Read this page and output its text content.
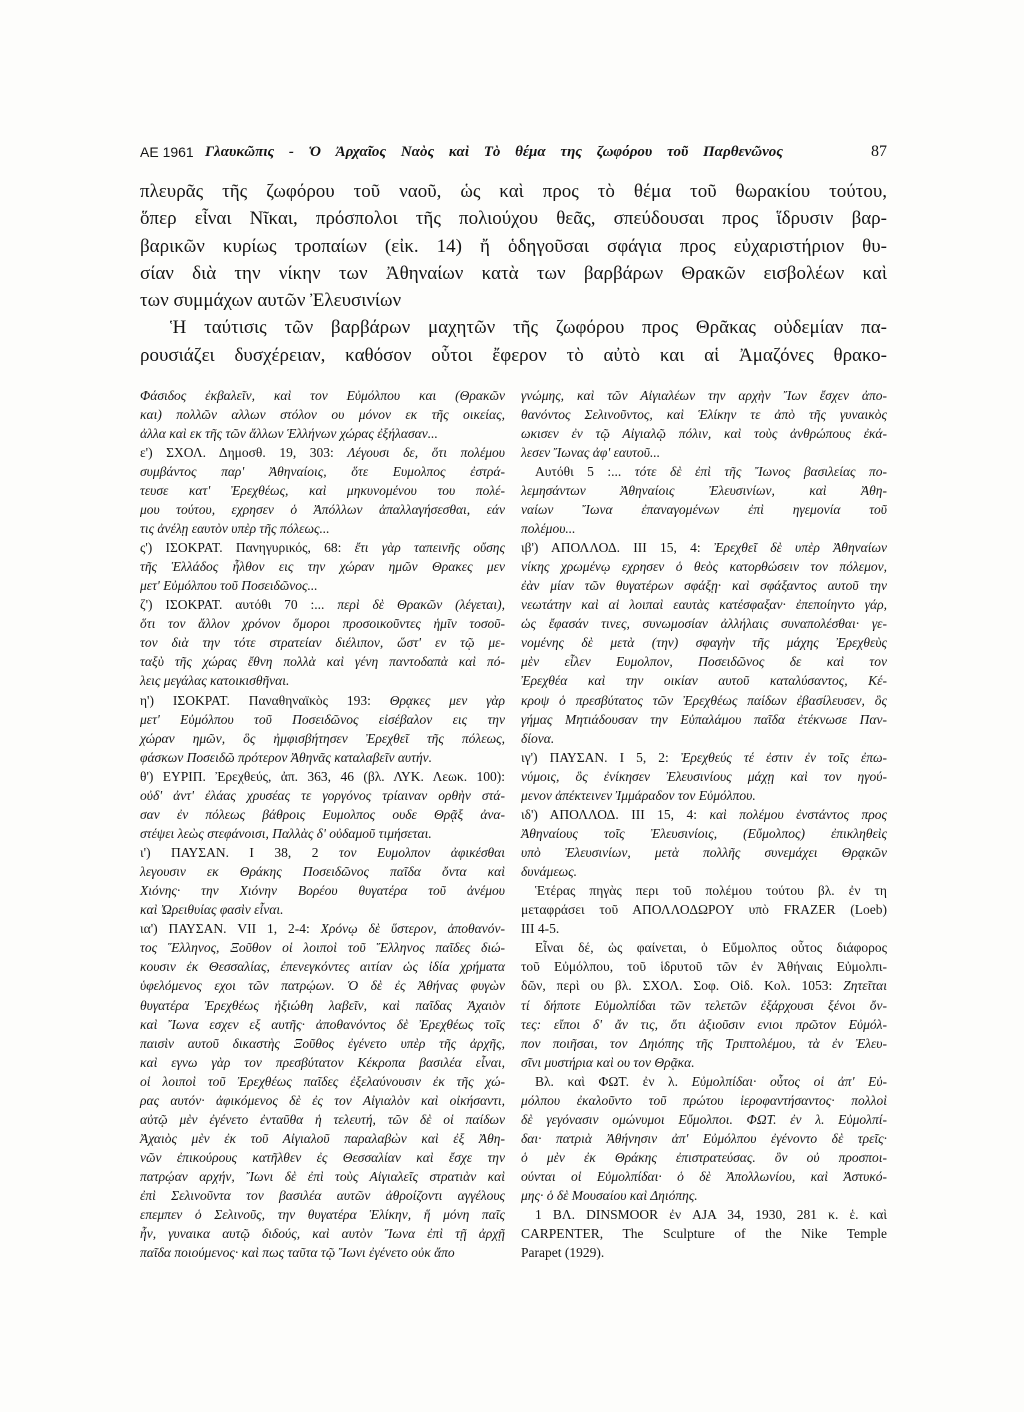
ΑΕ 1961 Γλαυκῶπις - Ὁ Ἀρχαῖος Ναὸς καὶ Τὸ θέμα της ζωφόρου τοῦ Παρθενῶνος	87
πλευρᾶς τῆς ζωφόρου τοῦ ναοῦ, ὡς καὶ προς τὸ θέμα τοῦ θωρακίου τούτου,
ὅπερ εἶναι Νῖκαι, πρόσπολοι τῆς πολιούχου θεᾶς, σπεύδουσαι προς ἵδρυσιν βαρ-
βαρικῶν κυρίως τροπαίων (εἰκ. 14) ἤ ὁδηγοῦσαι σφάγια προς εὐχαριστήριον θυ-
σίαν διὰ την νίκην των Ἀθηναίων κατὰ των βαρβάρων Θρακῶν εισβολέων καὶ
των συμμάχων αυτῶν Ἐλευσινίων
Ἡ ταύτισις τῶν βαρβάρων μαχητῶν τῆς ζωφόρου προς Θρᾶκας οὐδεμίαν πα-
ρουσιάζει δυσχέρειαν, καθόσον οὗτοι ἔφερον τὸ αὐτὸ και αἱ Ἀμαζόνες θρακο-
Φάσιδος ἐκβαλεῖν, καὶ τον Εὐμόλπου και (Θρακῶν
και) πολλῶν αλλων στόλον ου μόνον εκ τῆς οικείας,
ἀλλα καὶ εκ τῆς τῶν ἄλλων Ἑλλήνων χώρας ἐξήλασαν...
ε') ΣΧΟΛ. Δημοσθ. 19, 303: Λέγουσι δε, ὅτι πολέμου
συμβάντος παρ' Ἀθηναίοις, ὅτε Ευμολπος ἐστρά-
τευσε κατ' Ἐρεχθέως, καὶ μηκυνομένου του πολέ-
μου τούτου, εχρησεν ὁ Ἀπόλλων ἀπαλλαγήσεσθαι, εάν
τις ἀνέλῃ εαυτὸν υπὲρ τῆς πόλεως...
ς') ΙΣΟΚΡΑΤ. Πανηγυρικός, 68: ἔτι γὰρ ταπεινῆς οὔσης
τῆς Ἑλλάδος ἦλθον εις την χώραν ημῶν Θρακες μεν
μετ' Εὐμόλπου τοῦ Ποσειδῶνος...
ζ') ΙΣΟΚΡΑΤ. αυτόθι 70 :... περὶ δὲ Θρακῶν (λέγεται),
ὅτι τον ἄλλον χρόνον ὅμοροι προσοικοῦντες ἡμῖν τοσοῦ-
τον διὰ την τότε στρατείαν διέλιπον, ὥστ' εν τῷ με-
ταξὺ τῆς χώρας ἔθνη πολλὰ καὶ γένη παντοδαπὰ καὶ πό-
λεις μεγάλας κατοικισθῆναι.
η') ΙΣΟΚΡΑΤ. Παναθηναϊκὸς 193: Θρᾳκες μεν γὰρ
μετ' Εὐμόλπου τοῦ Ποσειδῶνος εἰσέβαλον εις την
χώραν ημῶν, ὃς ἠμφισβήτησεν Ἐρεχθεῖ τῆς πόλεως,
φάσκων Ποσειδῶ πρότερον Ἀθηνᾶς καταλαβεῖν αυτήν.
θ') ΕΥΡΙΠ. Ἐρεχθεύς, ἀπ. 363, 46 (βλ. ΛΥΚ. Λεωκ. 100):
οὐδ' ἀντ' ἐλάας χρυσέας τε γοργόνος τρίαιναν ορθὴν στά-
σαν ἐν πόλεως βάθροις Ευμολπος ουδε Θρᾷξ ἀνα-
στέψει λεὼς στεφάνοισι, Παλλὰς δ' οὐδαμοῦ τιμήσεται.
ι') ΠΑΥΣΑΝ. Ι 38, 2 τον Ευμολπον ἀφικέσθαι
λεγουσιν εκ Θράκης Ποσειδῶνος παῖδα ὄντα καὶ
Χιόνης· την Χιόνην Βορέου θυγατέρα τοῦ ἀνέμου
καὶ Ὠρειθυίας φασὶν εἶναι.
ια') ΠΑΥΣΑΝ. VII 1, 2-4: Χρόνῳ δὲ ὕστερον, ἀποθανόν-
τος Ἕλληνος, Ξοῦθον οἱ λοιποὶ τοῦ Ἕλληνος παῖδες διώ-
κουσιν ἐκ Θεσσαλίας, ἐπενεγκόντες αιτίαν ὡς ἰδία χρήματα
ὑφελόμενος εχοι τῶν πατρῴων. Ὁ δὲ ἐς Ἀθήνας φυγὼν
θυγατέρα Ἐρεχθέως ἠξιώθη λαβεῖν, καὶ παῖδας Ἀχαιὸν
καὶ Ἴωνα εσχεν εξ αυτῆς· ἀποθανόντος δὲ Ἐρεχθέως τοῖς
παισὶν αυτοῦ δικαστὴς Ξοῦθος ἐγένετο υπὲρ τῆς ἀρχῆς,
καὶ εγνω γὰρ τον πρεσβύτατον Κέκροπα βασιλέα εἶναι,
οἱ λοιποὶ τοῦ Ἐρεχθέως παῖδες ἐξελαύνουσιν ἐκ τῆς χώ-
ρας αυτόν· ἀφικόμενος δὲ ἐς τον Αἰγιαλὸν καὶ οἰκήσαντι,
αὐτῷ μὲν ἐγένετο ἐνταῦθα ἡ τελευτή, τῶν δὲ οἱ παίδων
Ἀχαιὸς μὲν ἐκ τοῦ Αἰγιαλοῦ παραλαβὼν καὶ ἐξ Ἀθη-
νῶν ἐπικούρους κατῆλθεν ἐς Θεσσαλίαν καὶ ἔσχε την
πατρῴαν αρχήν, Ἴωνι δὲ ἐπὶ τοὺς Αἰγιαλεῖς στρατιὰν καὶ
ἐπὶ Σελινοῦντα τον βασιλέα αυτῶν ἀθροίζοντι αγγέλους
επεμπεν ὁ Σελινοῦς, την θυγατέρα Ἑλίκην, ἥ μόνη παῖς
ἦν, γυναικα αυτῷ διδούς, καὶ αυτὸν Ἴωνα ἐπὶ τῇ ἀρχῇ
παῖδα ποιούμενος· καὶ πως ταῦτα τῷ Ἴωνι ἐγένετο οὐκ ἄπο
γνώμης, καὶ τῶν Αἰγιαλέων την αρχὴν Ἴων ἔσχεν ἀπο-
θανόντος Σελινοῦντος, καὶ Ἑλίκην τε ἀπὸ τῆς γυναικὸς
ωκισεν ἐν τῷ Αἰγιαλῷ πόλιν, καὶ τοὺς ἀνθρώπους ἐκά-
λεσεν Ἴωνας ἀφ' εαυτοῦ...
Αυτόθι 5 :... τότε δὲ ἐπὶ τῆς Ἴωνος βασιλείας πο-
λεμησάντων Ἀθηναίοις Ἐλευσινίων, καὶ Ἀθη-
ναίων Ἴωνα ἐπαναγομένων ἐπὶ ηγεμονία τοῦ
πολέμου...
ιβ') ΑΠΟΛΛΟΔ. III 15, 4: Ἐρεχθεῖ δὲ υπὲρ Ἀθηναίων
νίκης χρωμένῳ εχρησεν ὁ θεὸς κατορθώσειν τον πόλεμον,
ἐὰν μίαν τῶν θυγατέρων σφάξῃ· καὶ σφάξαντος αυτοῦ την
νεωτάτην καὶ αἱ λοιπαὶ εαυτὰς κατέσφαξαν· ἐπεποίηντο γάρ,
ὡς ἔφασάν τινες, συνωμοσίαν ἀλλήλαις συναπολέσθαι· γε-
νομένης δὲ μετὰ (την) σφαγὴν τῆς μάχης Ἐρεχθεὺς
μὲν εἷλεν Ευμολπον, Ποσειδῶνος δε καὶ τον
Ἐρεχθέα καὶ την οικίαν αυτοῦ καταλύσαντος, Κέ-
κροψ ὁ πρεσβύτατος τῶν Ἐρεχθέως παίδων ἐβασίλευσεν, ὃς
γήμας Μητιάδουσαν την Εὐπαλάμου παῖδα ἐτέκνωσε Παν-
δίονα.
ιγ') ΠΑΥΣΑΝ. Ι 5, 2: Ἐρεχθεύς τέ ἐστιν ἐν τοῖς ἐπω-
νύμοις, ὃς ἐνίκησεν Ἐλευσινίους μάχῃ καὶ τον ηγού-
μενον ἀπέκτεινεν Ἰμμάραδον τον Εὐμόλπου.
ιδ') ΑΠΟΛΛΟΔ. III 15, 4: καὶ πολέμου ἐνστάντος προς
Ἀθηναίους τοῖς Ἐλευσινίοις, (Εὔμολπος) ἐπικληθεὶς
υπὸ Ἐλευσινίων, μετὰ πολλῆς συνεμάχει Θρᾳκῶν
δυνάμεως.
Ἑτέρας πηγὰς περι τοῦ πολέμου τούτου βλ. ἐν τη
μεταφράσει τοῦ ΑΠΟΛΛΟΔΩΡΟΥ υπὸ FRAZER (Loeb)
ΙΙΙ 4-5.
Εἶναι δέ, ὡς φαίνεται, ὁ Εὔμολπος οὗτος διάφορος
τοῦ Εὐμόλπου, τοῦ ἱδρυτοῦ τῶν ἐν Ἀθήναις Εὐμολπι-
δῶν, περὶ ου βλ. ΣΧΟΛ. Σοφ. Οἰδ. Κολ. 1053: Ζητεῖται
τί δήποτε Εὐμολπίδαι τῶν τελετῶν ἐξάρχουσι ξένοι ὄν-
τες: εἴποι δ' ἄν τις, ὅτι ἀξιοῦσιν ενιοι πρῶτον Εὐμόλ-
πον ποιῆσαι, τον Δηιόπης τῆς Τριπτολέμου, τὰ ἐν Ἐλευ-
σῖνι μυστήρια καὶ ου τον Θρᾷκα.
Βλ. καὶ ΦΩΤ. ἐν λ. Εὐμολπίδαι· οὗτος οἱ ἀπ' Εὐ-
μόλπου ἐκαλοῦντο τοῦ πρώτου ἱεροφαντήσαντος· πολλοὶ
δὲ γεγόνασιν ομώνυμοι Εὔμολποι. ΦΩΤ. ἐν λ. Εὐμολπί-
δαι· πατριὰ Ἀθήνησιν ἀπ' Εὐμόλπου ἐγένοντο δὲ τρεῖς·
ὁ μὲν ἐκ Θράκης ἐπιστρατεύσας. ὃν οὐ προσποι-
ούνται οἱ Εὐμολπίδαι· ὁ δὲ Ἀπολλωνίου, καὶ Ἀστυκό-
μης· ὁ δὲ Μουσαίου καὶ Δηιόπης.
1 ΒΛ. DINSMOOR ἐν AJA 34, 1930, 281 κ. ἑ. καὶ
CARPENTER, The Sculpture of the Nike Temple
Parapet (1929).
